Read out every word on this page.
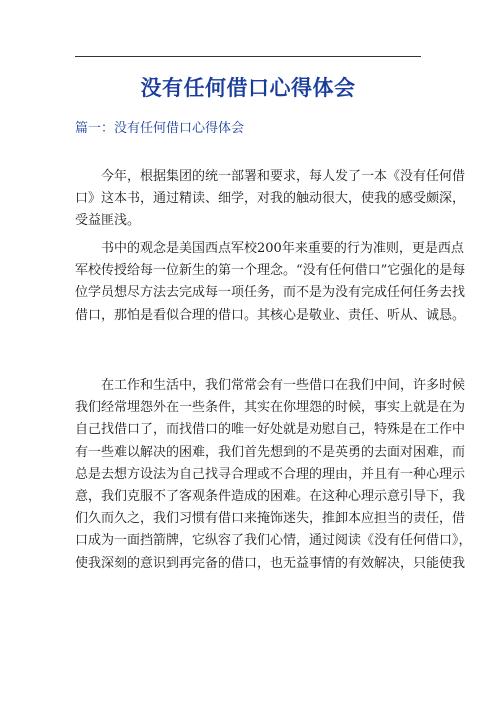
没有任何借口心得体会

篇一：没有任何借口心得体会

　　今年，根据集团的统一部署和要求，每人发了一本《没有任何借
口》这本书，通过精读、细学，对我的触动很大，使我的感受颇深，
受益匪浅。
　　书中的观念是美国西点军校200年来重要的行为准则，更是西点
军校传授给每一位新生的第一个理念。“没有任何借口”它强化的是每
位学员想尽方法去完成每一项任务，而不是为没有完成任何任务去找
借口，那怕是看似合理的借口。其核心是敬业、责任、听从、诚恳。
　　在工作和生活中，我们常常会有一些借口在我们中间，许多时候
我们经常埋怨外在一些条件，其实在你埋怨的时候，事实上就是在为
自己找借口了，而找借口的唯一好处就是劝慰自己，特殊是在工作中
有一些难以解决的困难，我们首先想到的不是英勇的去面对困难，而
总是去想方设法为自己找寻合理或不合理的理由，并且有一种心理示
意，我们克服不了客观条件造成的困难。在这种心理示意引导下，我
们久而久之，我们习惯有借口来掩饰迷失，推卸本应担当的责任，借
口成为一面挡箭牌，它纵容了我们心情，通过阅读《没有任何借口》，
使我深刻的意识到再完备的借口，也无益事情的有效解决，只能使我
